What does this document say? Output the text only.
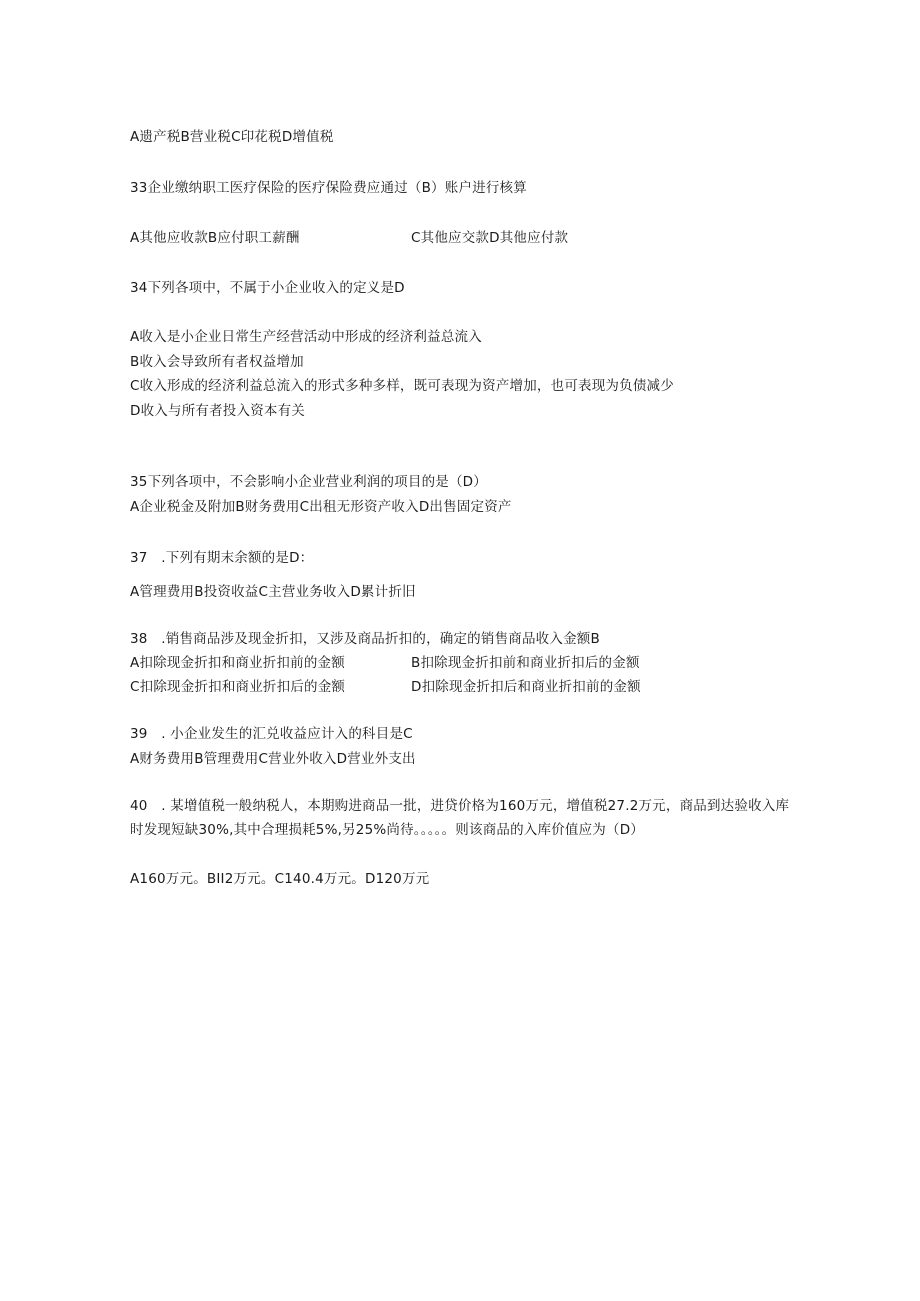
A遗产税B营业税C印花税D增值税
33企业缴纳职工医疗保险的医疗保险费应通过（B）账户进行核算
A其他应收款B应付职工薪酬	C其他应交款D其他应付款
34下列各项中，不属于小企业收入的定义是D
A收入是小企业日常生产经营活动中形成的经济利益总流入
B收入会导致所有者权益增加
C收入形成的经济利益总流入的形式多种多样，既可表现为资产增加，也可表现为负债减少
D收入与所有者投入资本有关
35下列各项中，不会影响小企业营业利润的项目的是（D）
A企业税金及附加B财务费用C出租无形资产收入D出售固定资产
37　.下列有期末余额的是D：
A管理费用B投资收益C主营业务收入D累计折旧
38　.销售商品涉及现金折扣，又涉及商品折扣的，确定的销售商品收入金额B
A扣除现金折扣和商业折扣前的金额	B扣除现金折扣前和商业折扣后的金额
C扣除现金折扣和商业折扣后的金额	D扣除现金折扣后和商业折扣前的金额
39　. 小企业发生的汇兑收益应计入的科目是C
A财务费用B管理费用C营业外收入D营业外支出
40　. 某增值税一般纳税人，本期购进商品一批，进贷价格为160万元，增值税27.2万元，商品到达验收入库时发现短缺30%,其中合理损耗5%,另25%尚待。。。。。则该商品的入库价值应为（D）
A160万元。BII2万元。C140.4万元。D120万元
